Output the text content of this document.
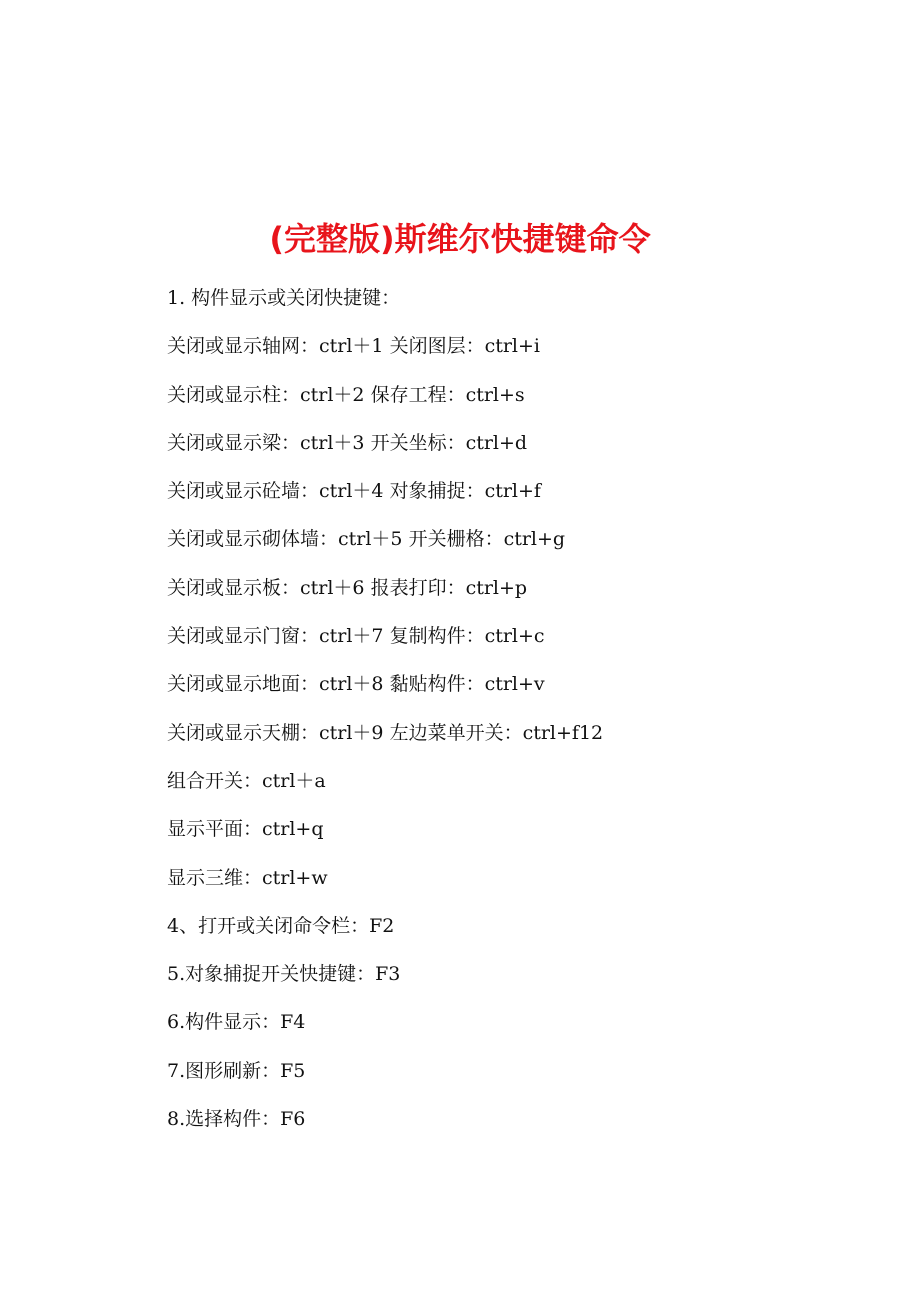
(完整版)斯维尔快捷键命令
1. 构件显示或关闭快捷键：
关闭或显示轴网：ctrl＋1 关闭图层：ctrl+i
关闭或显示柱：ctrl＋2 保存工程：ctrl+s
关闭或显示梁：ctrl＋3 开关坐标：ctrl+d
关闭或显示砼墙：ctrl＋4 对象捕捉：ctrl+f
关闭或显示砌体墙：ctrl＋5 开关栅格：ctrl+g
关闭或显示板：ctrl＋6 报表打印：ctrl+p
关闭或显示门窗：ctrl＋7 复制构件：ctrl+c
关闭或显示地面：ctrl＋8 黏贴构件：ctrl+v
关闭或显示天棚：ctrl＋9 左边菜单开关：ctrl+f12
组合开关：ctrl＋a
显示平面：ctrl+q
显示三维：ctrl+w
4、打开或关闭命令栏：F2
5.对象捕捉开关快捷键：F3
6.构件显示：F4
7.图形刷新：F5
8.选择构件：F6
